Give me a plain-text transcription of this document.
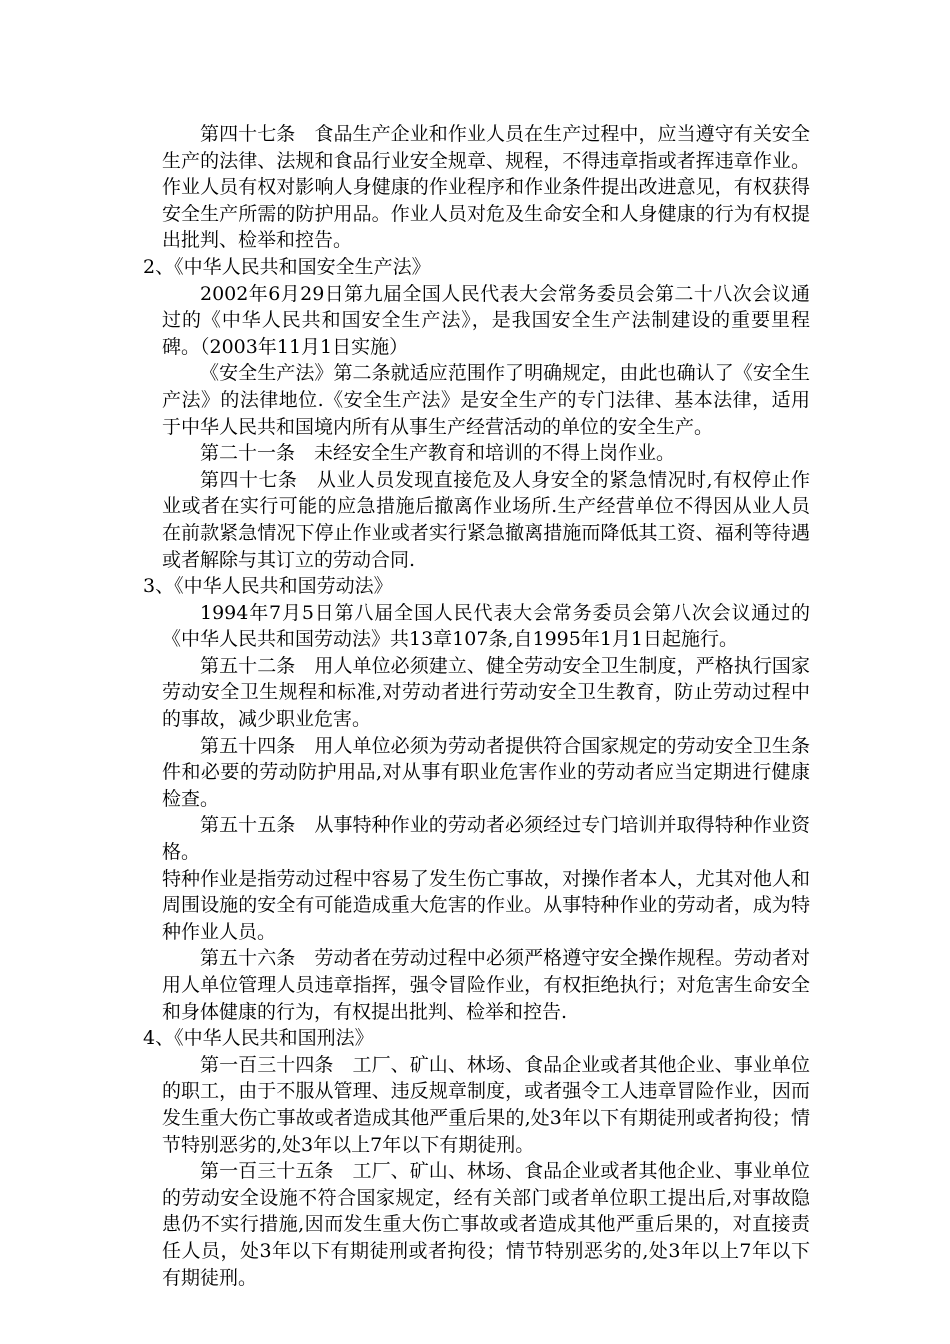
第四十七条　食品生产企业和作业人员在生产过程中，应当遵守有关安全生产的法律、法规和食品行业安全规章、规程，不得违章指或者挥违章作业。作业人员有权对影响人身健康的作业程序和作业条件提出改进意见，有权获得安全生产所需的防护用品。作业人员对危及生命安全和人身健康的行为有权提出批判、检举和控告。

2、《中华人民共和国安全生产法》

2002年6月29日第九届全国人民代表大会常务委员会第二十八次会议通过的《中华人民共和国安全生产法》，是我国安全生产法制建设的重要里程碑。（2003年11月1日实施）

《安全生产法》第二条就适应范围作了明确规定，由此也确认了《安全生产法》的法律地位.《安全生产法》是安全生产的专门法律、基本法律，适用于中华人民共和国境内所有从事生产经营活动的单位的安全生产。

第二十一条　未经安全生产教育和培训的不得上岗作业。

第四十七条　从业人员发现直接危及人身安全的紧急情况时,有权停止作业或者在实行可能的应急措施后撤离作业场所.生产经营单位不得因从业人员在前款紧急情况下停止作业或者实行紧急撤离措施而降低其工资、福利等待遇或者解除与其订立的劳动合同.

3、《中华人民共和国劳动法》

1994年7月5日第八届全国人民代表大会常务委员会第八次会议通过的《中华人民共和国劳动法》共13章107条,自1995年1月1日起施行。

第五十二条　用人单位必须建立、健全劳动安全卫生制度，严格执行国家劳动安全卫生规程和标准,对劳动者进行劳动安全卫生教育，防止劳动过程中的事故，减少职业危害。

第五十四条　用人单位必须为劳动者提供符合国家规定的劳动安全卫生条件和必要的劳动防护用品,对从事有职业危害作业的劳动者应当定期进行健康检查。

第五十五条　从事特种作业的劳动者必须经过专门培训并取得特种作业资格。

特种作业是指劳动过程中容易了发生伤亡事故，对操作者本人，尤其对他人和周围设施的安全有可能造成重大危害的作业。从事特种作业的劳动者，成为特种作业人员。

第五十六条　劳动者在劳动过程中必须严格遵守安全操作规程。劳动者对用人单位管理人员违章指挥，强令冒险作业，有权拒绝执行；对危害生命安全和身体健康的行为，有权提出批判、检举和控告.

4、《中华人民共和国刑法》

第一百三十四条　工厂、矿山、林场、食品企业或者其他企业、事业单位的职工，由于不服从管理、违反规章制度，或者强令工人违章冒险作业，因而发生重大伤亡事故或者造成其他严重后果的,处3年以下有期徒刑或者拘役；情节特别恶劣的,处3年以上7年以下有期徒刑。

第一百三十五条　工厂、矿山、林场、食品企业或者其他企业、事业单位的劳动安全设施不符合国家规定，经有关部门或者单位职工提出后,对事故隐患仍不实行措施,因而发生重大伤亡事故或者造成其他严重后果的，对直接责任人员，处3年以下有期徒刑或者拘役；情节特别恶劣的,处3年以上7年以下有期徒刑。
